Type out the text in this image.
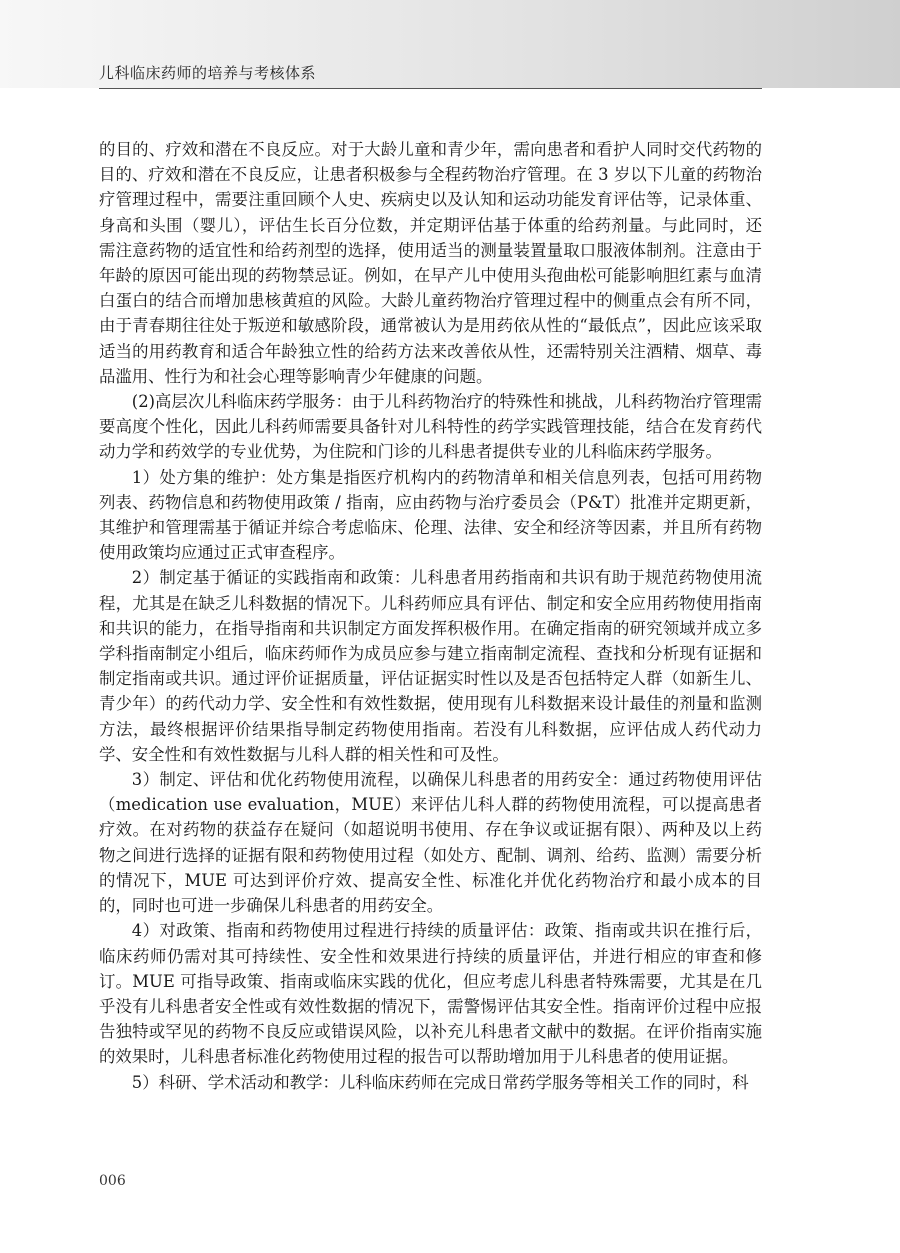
儿科临床药师的培养与考核体系

的目的、疗效和潜在不良反应。对于大龄儿童和青少年，需向患者和看护人同时交代药物的目的、疗效和潜在不良反应，让患者积极参与全程药物治疗管理。在 3 岁以下儿童的药物治疗管理过程中，需要注重回顾个人史、疾病史以及认知和运动功能发育评估等，记录体重、身高和头围（婴儿），评估生长百分位数，并定期评估基于体重的给药剂量。与此同时，还需注意药物的适宜性和给药剂型的选择，使用适当的测量装置量取口服液体制剂。注意由于年龄的原因可能出现的药物禁忌证。例如，在早产儿中使用头孢曲松可能影响胆红素与血清白蛋白的结合而增加患核黄疸的风险。大龄儿童药物治疗管理过程中的侧重点会有所不同，由于青春期往往处于叛逆和敏感阶段，通常被认为是用药依从性的“最低点”，因此应该采取适当的用药教育和适合年龄独立性的给药方法来改善依从性，还需特别关注酒精、烟草、毒品滥用、性行为和社会心理等影响青少年健康的问题。

(2)高层次儿科临床药学服务：由于儿科药物治疗的特殊性和挑战，儿科药物治疗管理需要高度个性化，因此儿科药师需要具备针对儿科特性的药学实践管理技能，结合在发育药代动力学和药效学的专业优势，为住院和门诊的儿科患者提供专业的儿科临床药学服务。

1）处方集的维护：处方集是指医疗机构内的药物清单和相关信息列表，包括可用药物列表、药物信息和药物使用政策 / 指南，应由药物与治疗委员会（P&T）批准并定期更新，其维护和管理需基于循证并综合考虑临床、伦理、法律、安全和经济等因素，并且所有药物使用政策均应通过正式审查程序。

2）制定基于循证的实践指南和政策：儿科患者用药指南和共识有助于规范药物使用流程，尤其是在缺乏儿科数据的情况下。儿科药师应具有评估、制定和安全应用药物使用指南和共识的能力，在指导指南和共识制定方面发挥积极作用。在确定指南的研究领域并成立多学科指南制定小组后，临床药师作为成员应参与建立指南制定流程、查找和分析现有证据和制定指南或共识。通过评价证据质量，评估证据实时性以及是否包括特定人群（如新生儿、青少年）的药代动力学、安全性和有效性数据，使用现有儿科数据来设计最佳的剂量和监测方法，最终根据评价结果指导制定药物使用指南。若没有儿科数据，应评估成人药代动力学、安全性和有效性数据与儿科人群的相关性和可及性。

3）制定、评估和优化药物使用流程，以确保儿科患者的用药安全：通过药物使用评估（medication use evaluation，MUE）来评估儿科人群的药物使用流程，可以提高患者疗效。在对药物的获益存在疑问（如超说明书使用、存在争议或证据有限）、两种及以上药物之间进行选择的证据有限和药物使用过程（如处方、配制、调剂、给药、监测）需要分析的情况下，MUE 可达到评价疗效、提高安全性、标准化并优化药物治疗和最小成本的目的，同时也可进一步确保儿科患者的用药安全。

4）对政策、指南和药物使用过程进行持续的质量评估：政策、指南或共识在推行后，临床药师仍需对其可持续性、安全性和效果进行持续的质量评估，并进行相应的审查和修订。MUE 可指导政策、指南或临床实践的优化，但应考虑儿科患者特殊需要，尤其是在几乎没有儿科患者安全性或有效性数据的情况下，需警惕评估其安全性。指南评价过程中应报告独特或罕见的药物不良反应或错误风险，以补充儿科患者文献中的数据。在评价指南实施的效果时，儿科患者标准化药物使用过程的报告可以帮助增加用于儿科患者的使用证据。

5）科研、学术活动和教学：儿科临床药师在完成日常药学服务等相关工作的同时，科

006
